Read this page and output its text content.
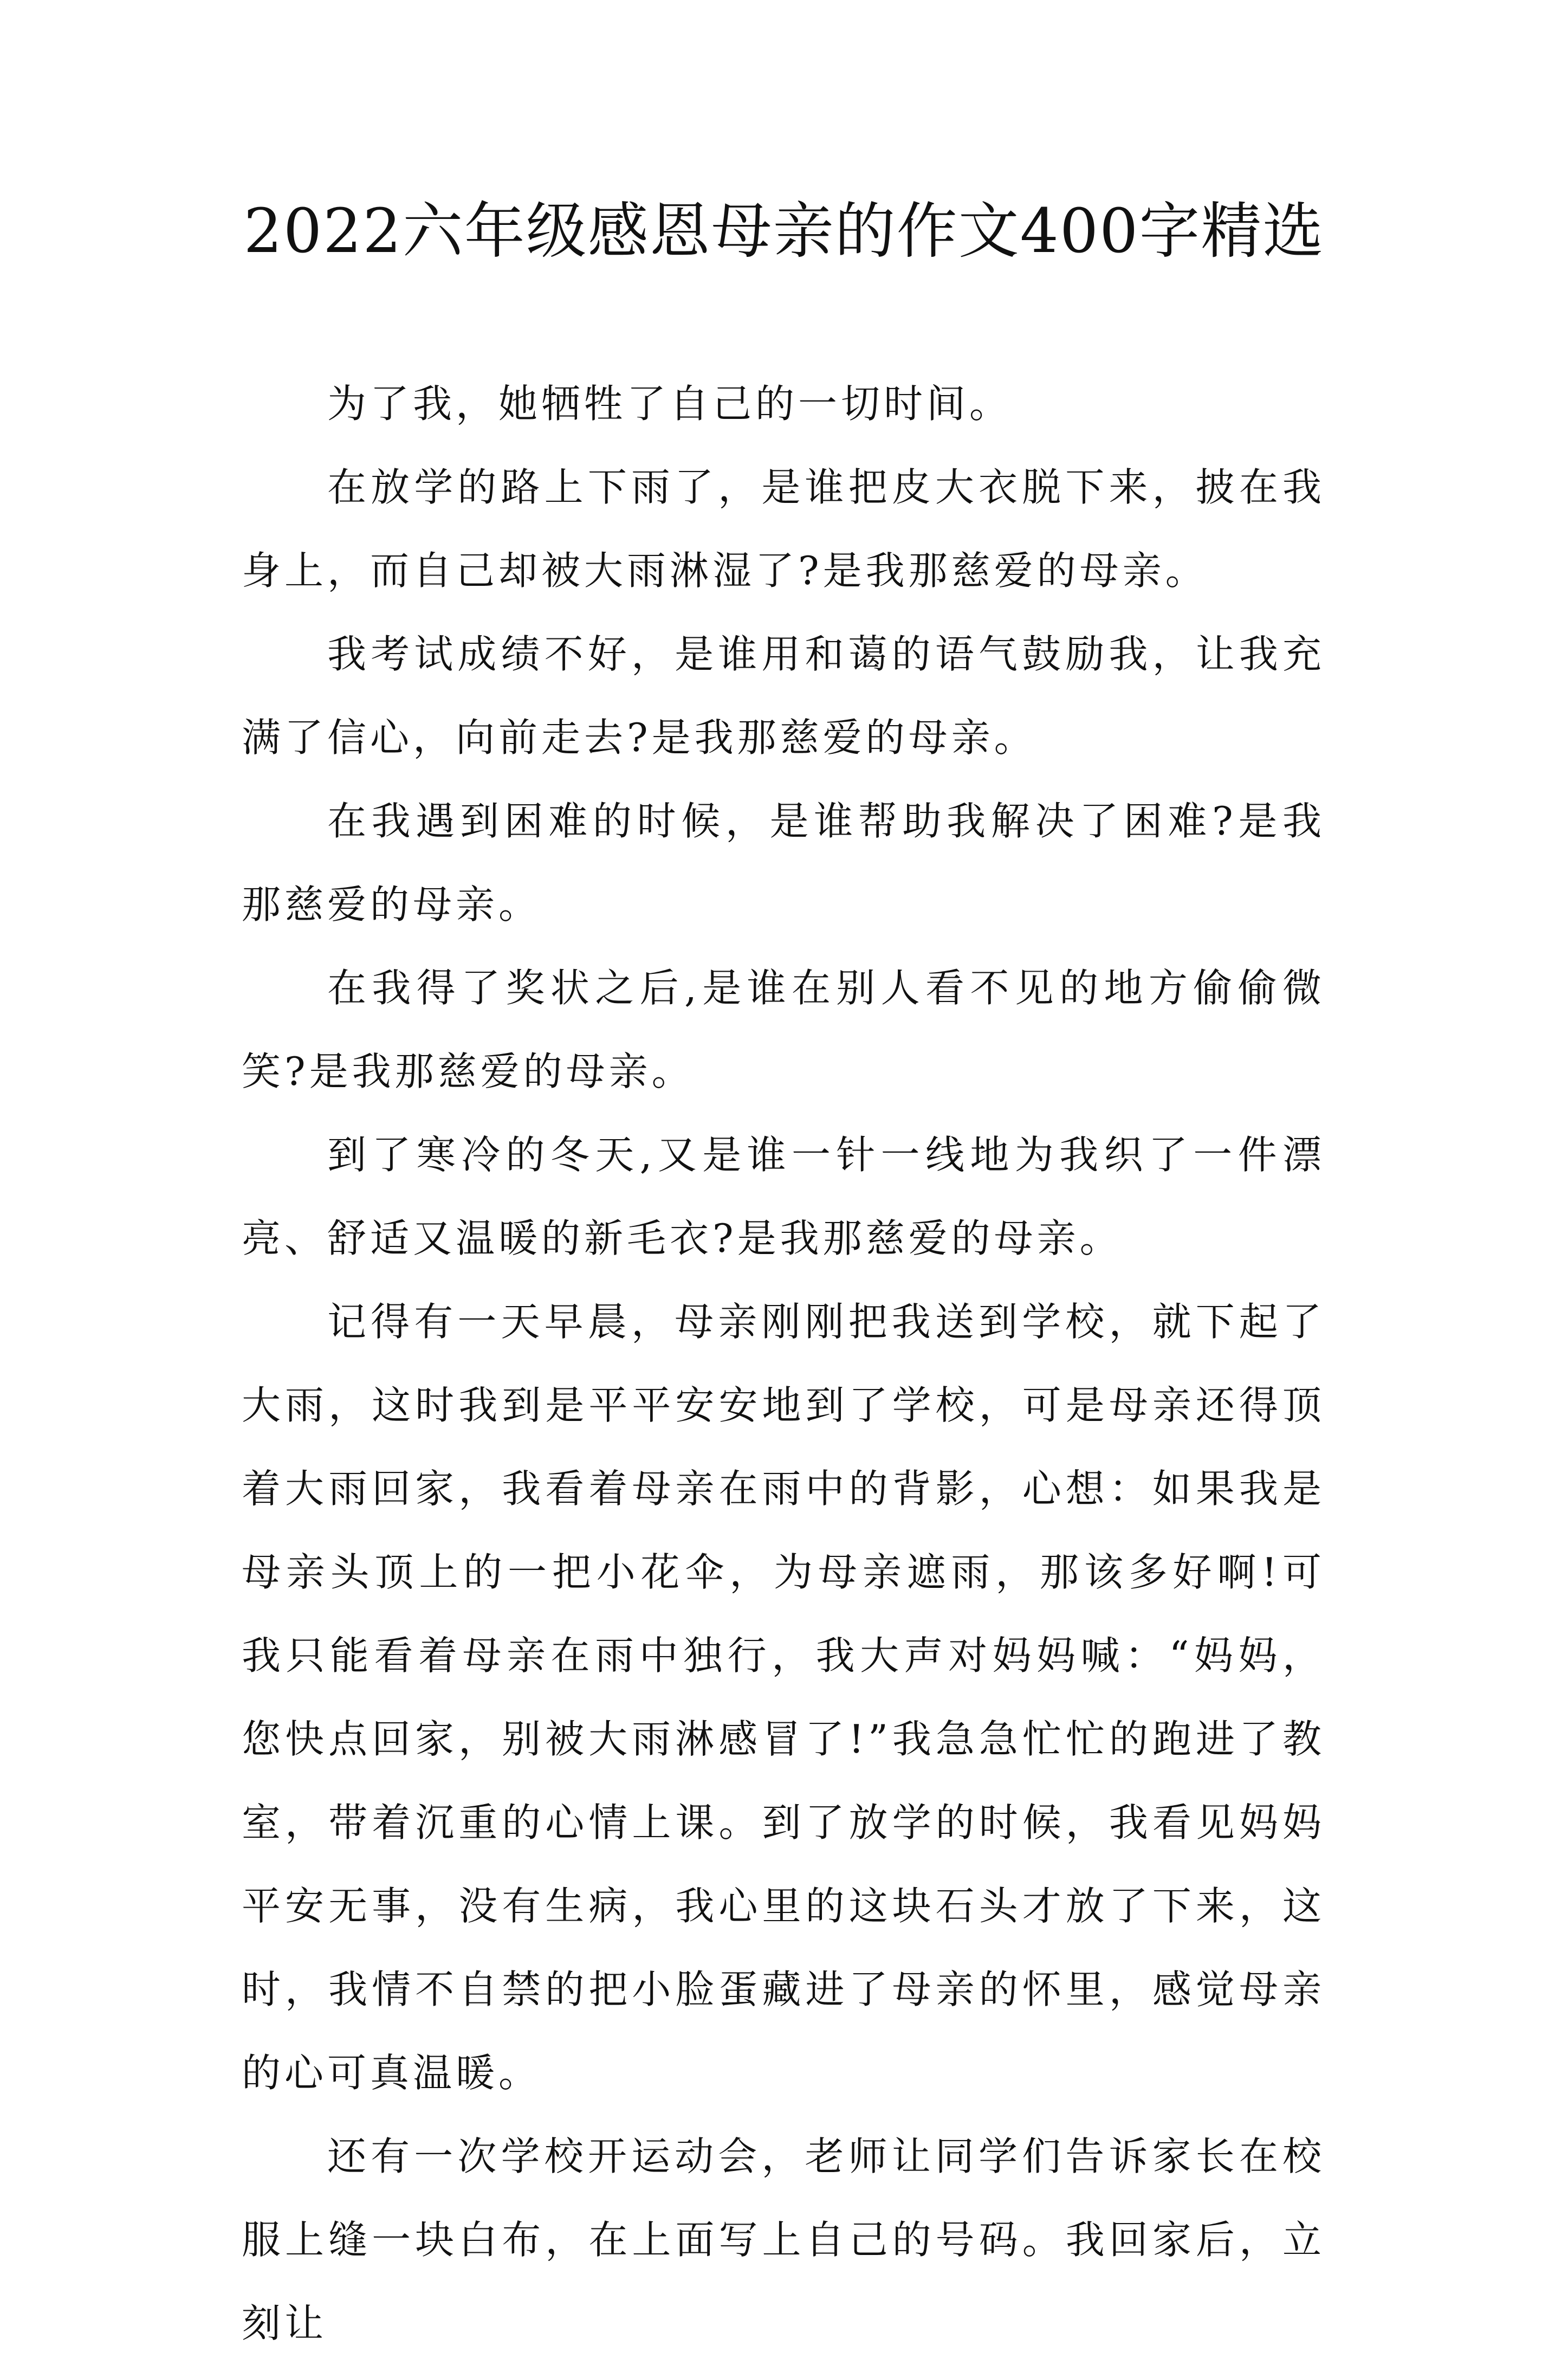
2022六年级感恩母亲的作文400字精选

为了我，她牺牲了自己的一切时间。

在放学的路上下雨了，是谁把皮大衣脱下来，披在我身上，而自己却被大雨淋湿了?是我那慈爱的母亲。

我考试成绩不好，是谁用和蔼的语气鼓励我，让我充满了信心，向前走去?是我那慈爱的母亲。

在我遇到困难的时候，是谁帮助我解决了困难?是我那慈爱的母亲。

在我得了奖状之后,是谁在别人看不见的地方偷偷微笑?是我那慈爱的母亲。

到了寒冷的冬天,又是谁一针一线地为我织了一件漂亮、舒适又温暖的新毛衣?是我那慈爱的母亲。

记得有一天早晨，母亲刚刚把我送到学校，就下起了大雨，这时我到是平平安安地到了学校，可是母亲还得顶着大雨回家，我看着母亲在雨中的背影，心想：如果我是母亲头顶上的一把小花伞，为母亲遮雨，那该多好啊!可我只能看着母亲在雨中独行，我大声对妈妈喊：“妈妈，您快点回家，别被大雨淋感冒了!”我急急忙忙的跑进了教室，带着沉重的心情上课。到了放学的时候，我看见妈妈平安无事，没有生病，我心里的这块石头才放了下来，这时，我情不自禁的把小脸蛋藏进了母亲的怀里，感觉母亲的心可真温暖。

还有一次学校开运动会，老师让同学们告诉家长在校服上缝一块白布，在上面写上自己的号码。我回家后，立刻让
